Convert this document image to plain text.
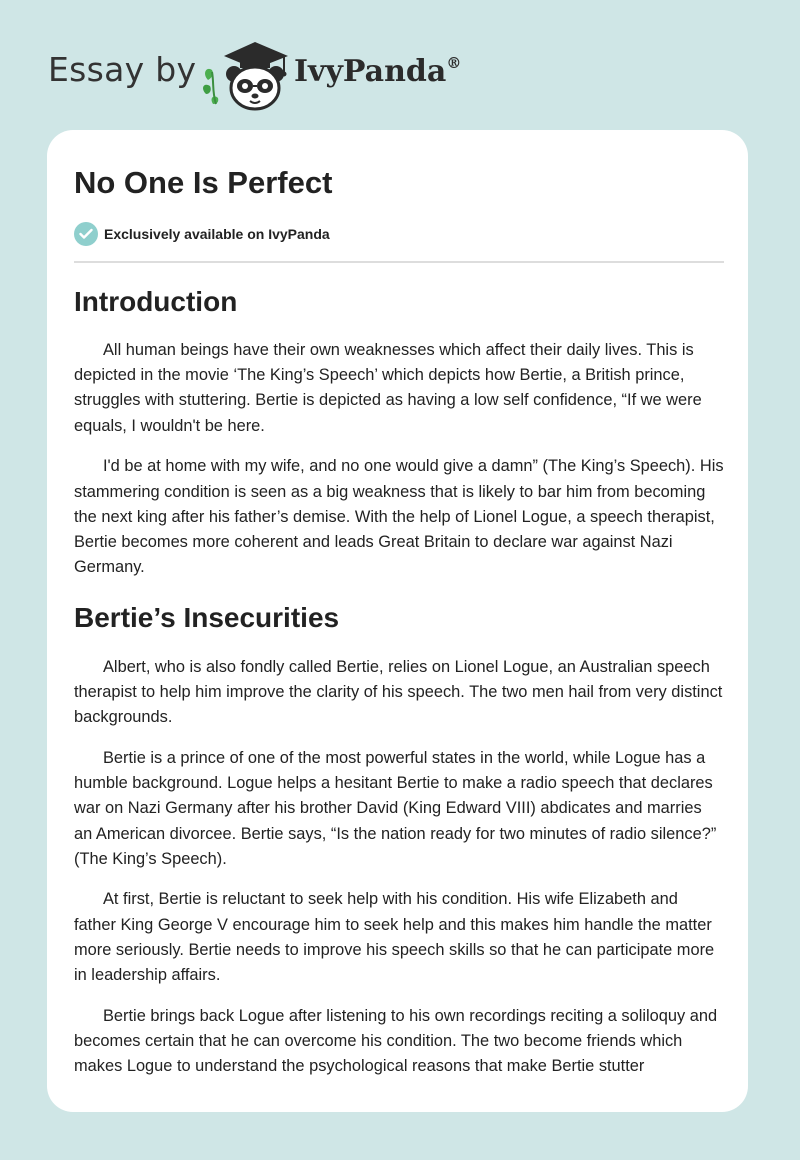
Essay by	IvyPanda®
No One Is Perfect
Exclusively available on IvyPanda
Introduction

All human beings have their own weaknesses which affect their daily lives. This is depicted in the movie ‘The King’s Speech’ which depicts how Bertie, a British prince, struggles with stuttering. Bertie is depicted as having a low self confidence, “If we were equals, I wouldn't be here.

I'd be at home with my wife, and no one would give a damn” (The King’s Speech). His stammering condition is seen as a big weakness that is likely to bar him from becoming the next king after his father’s demise. With the help of Lionel Logue, a speech therapist, Bertie becomes more coherent and leads Great Britain to declare war against Nazi Germany.

Bertie’s Insecurities

Albert, who is also fondly called Bertie, relies on Lionel Logue, an Australian speech therapist to help him improve the clarity of his speech. The two men hail from very distinct backgrounds.

Bertie is a prince of one of the most powerful states in the world, while Logue has a humble background. Logue helps a hesitant Bertie to make a radio speech that declares war on Nazi Germany after his brother David (King Edward VIII) abdicates and marries an American divorcee. Bertie says, “Is the nation ready for two minutes of radio silence?” (The King’s Speech).

At first, Bertie is reluctant to seek help with his condition. His wife Elizabeth and father King George V encourage him to seek help and this makes him handle the matter more seriously. Bertie needs to improve his speech skills so that he can participate more in leadership affairs.

Bertie brings back Logue after listening to his own recordings reciting a soliloquy and becomes certain that he can overcome his condition. The two become friends which makes Logue to understand the psychological reasons that make Bertie stutter
